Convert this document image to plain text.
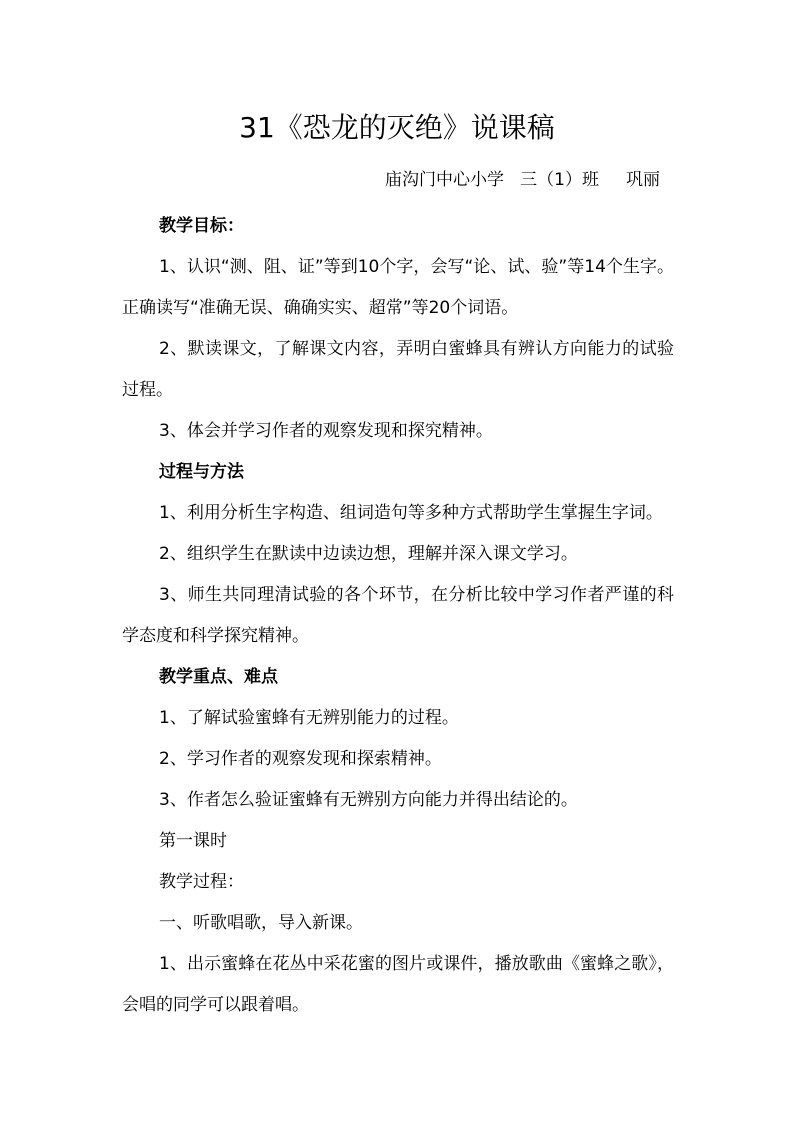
31《恐龙的灭绝》说课稿
庙沟门中心小学   三（1）班     巩丽

教学目标：

1、认识“测、阻、证”等到10个字，会写“论、试、验”等14个生字。正确读写“准确无误、确确实实、超常”等20个词语。

2、默读课文，了解课文内容，弄明白蜜蜂具有辨认方向能力的试验过程。

3、体会并学习作者的观察发现和探究精神。

过程与方法

1、利用分析生字构造、组词造句等多种方式帮助学生掌握生字词。

2、组织学生在默读中边读边想，理解并深入课文学习。

3、师生共同理清试验的各个环节，在分析比较中学习作者严谨的科学态度和科学探究精神。

教学重点、难点

1、了解试验蜜蜂有无辨别能力的过程。

2、学习作者的观察发现和探索精神。

3、作者怎么验证蜜蜂有无辨别方向能力并得出结论的。

第一课时

教学过程：

一、听歌唱歌，导入新课。

1、出示蜜蜂在花丛中采花蜜的图片或课件，播放歌曲《蜜蜂之歌》，会唱的同学可以跟着唱。
